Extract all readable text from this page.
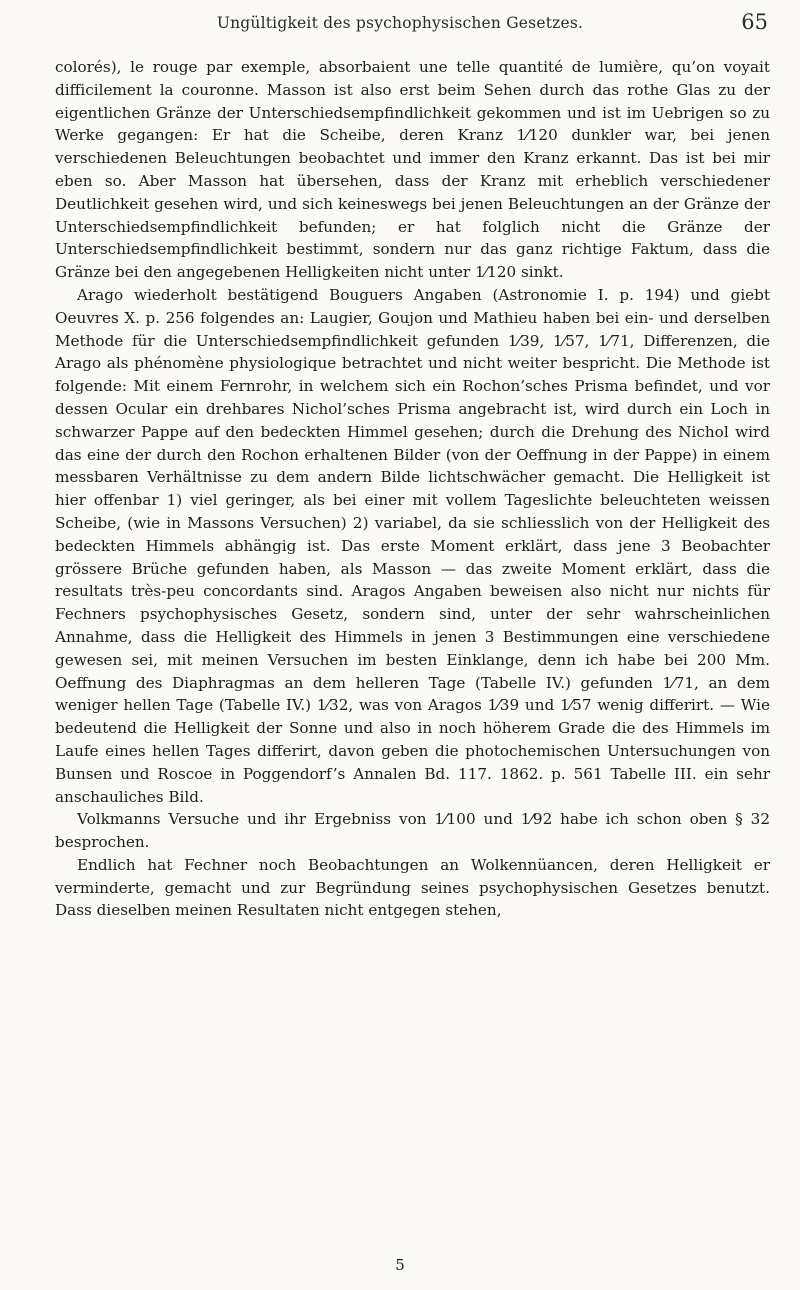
Ungültigkeit des psychophysischen Gesetzes.	65

colorés), le rouge par exemple, absorbaient une telle quantité de lumière, qu’on voyait difficilement la couronne. Masson ist also erst beim Sehen durch das rothe Glas zu der eigentlichen Gränze der Unterschiedsempfindlichkeit gekommen und ist im Uebrigen so zu Werke gegangen: Er hat die Scheibe, deren Kranz 1⁄120 dunkler war, bei jenen verschiedenen Beleuchtungen beobachtet und immer den Kranz erkannt. Das ist bei mir eben so. Aber Masson hat übersehen, dass der Kranz mit erheblich verschiedener Deutlichkeit gesehen wird, und sich keineswegs bei jenen Beleuchtungen an der Gränze der Unterschiedsempfindlichkeit befunden; er hat folglich nicht die Gränze der Unterschiedsempfindlichkeit bestimmt, sondern nur das ganz richtige Faktum, dass die Gränze bei den angegebenen Helligkeiten nicht unter 1⁄120 sinkt.

Arago wiederholt bestätigend Bouguers Angaben (Astronomie I. p. 194) und giebt Oeuvres X. p. 256 folgendes an: Laugier, Goujon und Mathieu haben bei ein- und derselben Methode für die Unterschiedsempfindlichkeit gefunden 1⁄39, 1⁄57, 1⁄71, Differenzen, die Arago als phénomène physiologique betrachtet und nicht weiter bespricht. Die Methode ist folgende: Mit einem Fernrohr, in welchem sich ein Rochon’sches Prisma befindet, und vor dessen Ocular ein drehbares Nichol’sches Prisma angebracht ist, wird durch ein Loch in schwarzer Pappe auf den bedeckten Himmel gesehen; durch die Drehung des Nichol wird das eine der durch den Rochon erhaltenen Bilder (von der Oeffnung in der Pappe) in einem messbaren Verhältnisse zu dem andern Bilde lichtschwächer gemacht. Die Helligkeit ist hier offenbar 1) viel geringer, als bei einer mit vollem Tageslichte beleuchteten weissen Scheibe, (wie in Massons Versuchen) 2) variabel, da sie schliesslich von der Helligkeit des bedeckten Himmels abhängig ist. Das erste Moment erklärt, dass jene 3 Beobachter grössere Brüche gefunden haben, als Masson — das zweite Moment erklärt, dass die resultats très-peu concordants sind. Aragos Angaben beweisen also nicht nur nichts für Fechners psychophysisches Gesetz, sondern sind, unter der sehr wahrscheinlichen Annahme, dass die Helligkeit des Himmels in jenen 3 Bestimmungen eine verschiedene gewesen sei, mit meinen Versuchen im besten Einklange, denn ich habe bei 200 Mm. Oeffnung des Diaphragmas an dem helleren Tage (Tabelle IV.) gefunden 1⁄71, an dem weniger hellen Tage (Tabelle IV.) 1⁄32, was von Aragos 1⁄39 und 1⁄57 wenig differirt. — Wie bedeutend die Helligkeit der Sonne und also in noch höherem Grade die des Himmels im Laufe eines hellen Tages differirt, davon geben die photochemischen Untersuchungen von Bunsen und Roscoe in Poggendorf’s Annalen Bd. 117. 1862. p. 561 Tabelle III. ein sehr anschauliches Bild.

Volkmanns Versuche und ihr Ergebniss von 1⁄100 und 1⁄92 habe ich schon oben § 32 besprochen.

Endlich hat Fechner noch Beobachtungen an Wolkennüancen, deren Helligkeit er verminderte, gemacht und zur Begründung seines psychophysischen Gesetzes benutzt. Dass dieselben meinen Resultaten nicht entgegen stehen,

5
